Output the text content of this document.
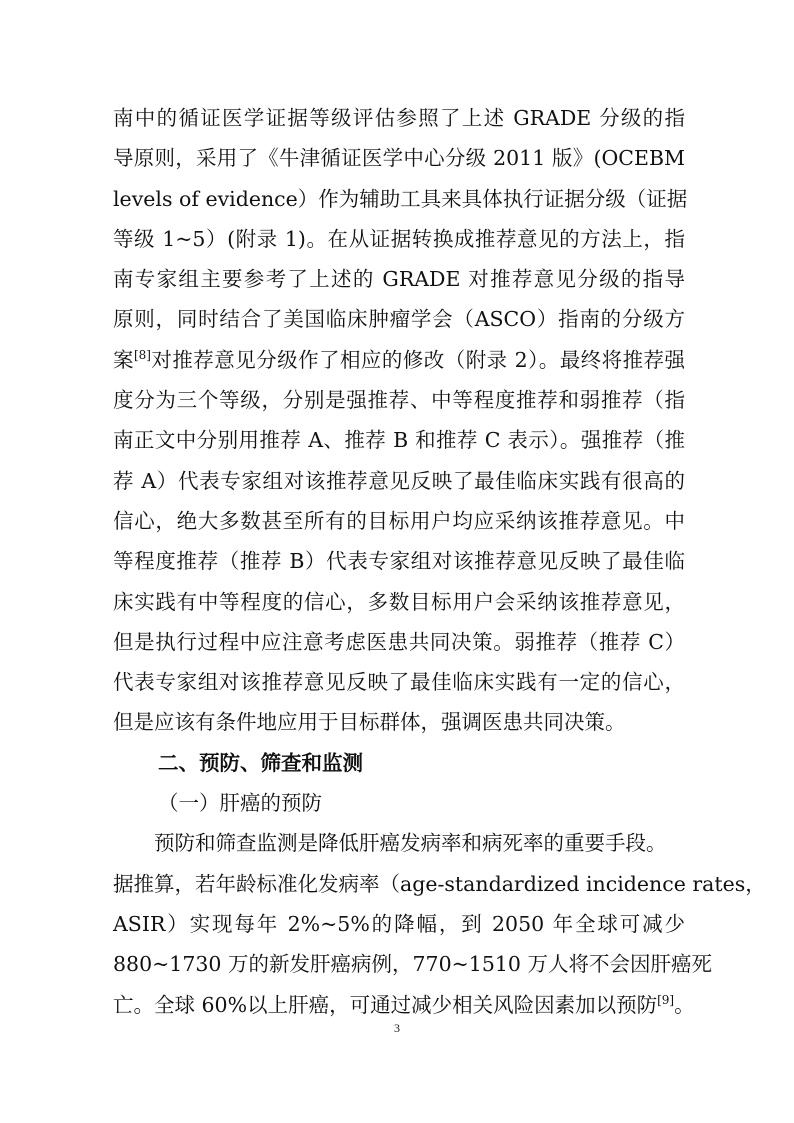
南中的循证医学证据等级评估参照了上述 GRADE 分级的指
导原则，采用了《牛津循证医学中心分级 2011 版》(OCEBM
levels of evidence）作为辅助工具来具体执行证据分级（证据
等级 1~5）(附录 1)。在从证据转换成推荐意见的方法上，指
南专家组主要参考了上述的 GRADE 对推荐意见分级的指导
原则，同时结合了美国临床肿瘤学会（ASCO）指南的分级方
案[8]对推荐意见分级作了相应的修改（附录 2）。最终将推荐强
度分为三个等级，分别是强推荐、中等程度推荐和弱推荐（指
南正文中分别用推荐 A、推荐 B 和推荐 C 表示）。强推荐（推
荐 A）代表专家组对该推荐意见反映了最佳临床实践有很高的
信心，绝大多数甚至所有的目标用户均应采纳该推荐意见。中
等程度推荐（推荐 B）代表专家组对该推荐意见反映了最佳临
床实践有中等程度的信心，多数目标用户会采纳该推荐意见，
但是执行过程中应注意考虑医患共同决策。弱推荐（推荐 C）
代表专家组对该推荐意见反映了最佳临床实践有一定的信心，
但是应该有条件地应用于目标群体，强调医患共同决策。
二、预防、筛查和监测
（一）肝癌的预防
预防和筛查监测是降低肝癌发病率和病死率的重要手段。
据推算，若年龄标准化发病率（age-standardized incidence rates，
ASIR）实现每年 2%~5%的降幅，到 2050 年全球可减少
880~1730 万的新发肝癌病例，770~1510 万人将不会因肝癌死
亡。全球 60%以上肝癌，可通过减少相关风险因素加以预防[9]。
3
